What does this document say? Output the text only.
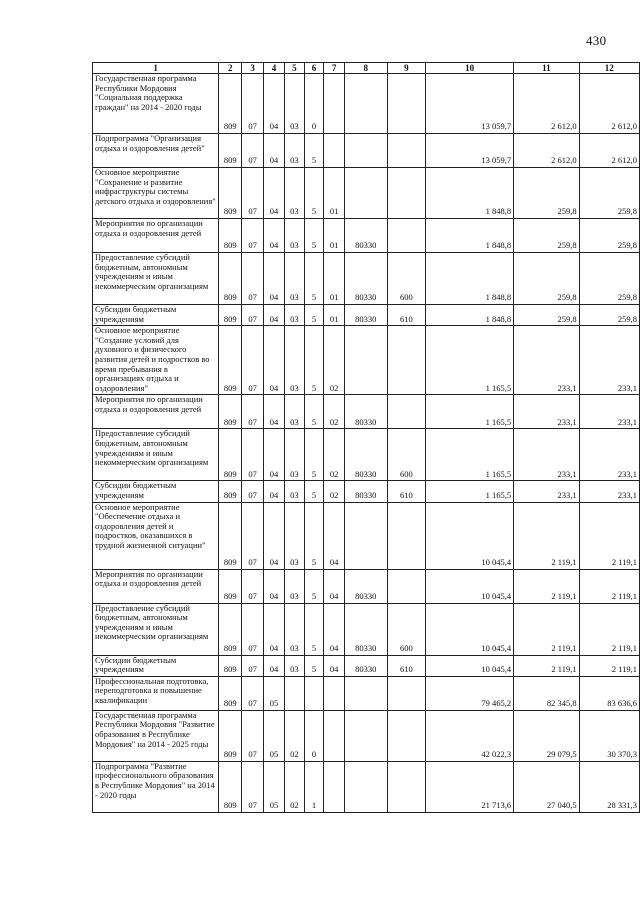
430
1	2	3	4	5	6	7	8	9	10	11	12
Государственная программа Республики Мордовия "Социальная поддержка граждан" на 2014 - 2020 годы	809	07	04	03	0				13 059,7	2 612,0	2 612,0
Подпрограмма "Организация отдыха и оздоровления детей"	809	07	04	03	5				13 059,7	2 612,0	2 612,0
Основное мероприятие "Сохранение и развитие инфраструктуры системы детского отдыха и оздоровления"	809	07	04	03	5	01			1 848,8	259,8	259,8
Мероприятия по организации отдыха и оздоровления детей	809	07	04	03	5	01	80330		1 848,8	259,8	259,8
Предоставление субсидий бюджетным, автономным учреждениям и иным некоммерческим организациям	809	07	04	03	5	01	80330	600	1 848,8	259,8	259,8
Субсидии бюджетным учреждениям	809	07	04	03	5	01	80330	610	1 848,8	259,8	259,8
Основное мероприятие "Создание условий для духовного и физического развития детей и подростков во время пребывания в организациях отдыха и оздоровления"	809	07	04	03	5	02			1 165,5	233,1	233,1
Мероприятия по организации отдыха и оздоровления детей	809	07	04	03	5	02	80330		1 165,5	233,1	233,1
Предоставление субсидий бюджетным, автономным учреждениям и иным некоммерческим организациям	809	07	04	03	5	02	80330	600	1 165,5	233,1	233,1
Субсидии бюджетным учреждениям	809	07	04	03	5	02	80330	610	1 165,5	233,1	233,1
Основное мероприятие "Обеспечение отдыха и оздоровления детей и подростков, оказавшихся в трудной жизненной ситуации"	809	07	04	03	5	04			10 045,4	2 119,1	2 119,1
Мероприятия по организации отдыха и оздоровления детей	809	07	04	03	5	04	80330		10 045,4	2 119,1	2 119,1
Предоставление субсидий бюджетным, автономным учреждениям и иным некоммерческим организациям	809	07	04	03	5	04	80330	600	10 045,4	2 119,1	2 119,1
Субсидии бюджетным учреждениям	809	07	04	03	5	04	80330	610	10 045,4	2 119,1	2 119,1
Профессиональная подготовка, переподготовка и повышение квалификации	809	07	05						79 465,2	82 345,8	83 636,6
Государственная программа Республики Мордовия "Развитие образования в Республике Мордовия" на 2014 - 2025 годы	809	07	05	02	0				42 022,3	29 079,5	30 370,3
Подпрограмма "Развитие профессионального образования в Республике Мордовия" на 2014 - 2020 годы	809	07	05	02	1				21 713,6	27 040,5	28 331,3
